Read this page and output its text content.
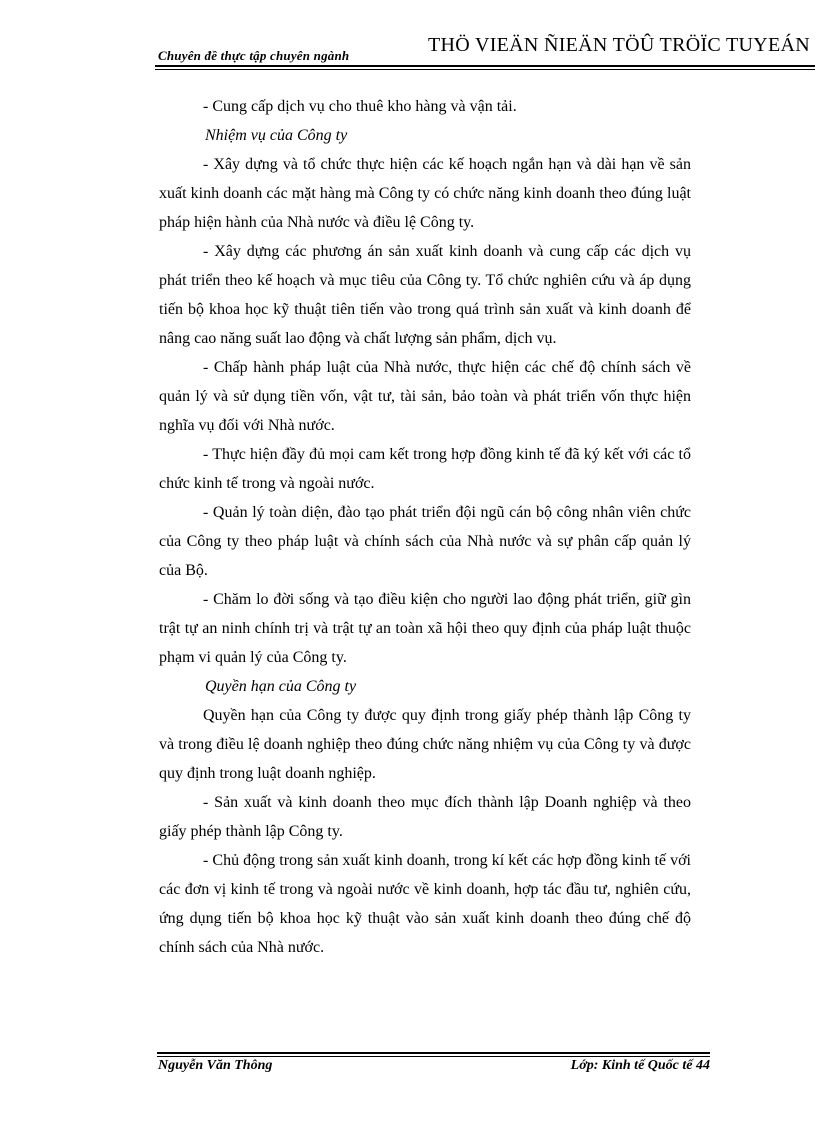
Chuyên đề thực tập chuyên ngành	THÖ VIEÄN ÑIEÄN TÖÛ TRÖÏC TUYEÁN

- Cung cấp dịch vụ cho thuê kho hàng và vận tải.

Nhiệm vụ của Công ty

- Xây dựng và tổ chức thực hiện các kế hoạch ngắn hạn và dài hạn về sản xuất kinh doanh các mặt hàng mà Công ty có chức năng kinh doanh theo đúng luật pháp hiện hành của Nhà nước và điều lệ Công ty.

- Xây dựng các phương án sản xuất kinh doanh và cung cấp các dịch vụ phát triển theo kế hoạch và mục tiêu của Công ty. Tổ chức nghiên cứu và áp dụng tiến bộ khoa học kỹ thuật tiên tiến vào trong quá trình sản xuất và kinh doanh để nâng cao năng suất lao động và chất lượng sản phẩm, dịch vụ.

- Chấp hành pháp luật của Nhà nước, thực hiện các chế độ chính sách về quản lý và sử dụng tiền vốn, vật tư, tài sản, bảo toàn và phát triển vốn thực hiện nghĩa vụ đối với Nhà nước.

- Thực hiện đầy đủ mọi cam kết trong hợp đồng kinh tế đã ký kết với các tổ chức kinh tế trong và ngoài nước.

- Quản lý toàn diện, đào tạo phát triển đội ngũ cán bộ công nhân viên chức của Công ty theo pháp luật và chính sách của Nhà nước và sự phân cấp quản lý của Bộ.

- Chăm lo đời sống và tạo điều kiện cho người lao động phát triển, giữ gìn trật tự an ninh chính trị và trật tự an toàn xã hội theo quy định của pháp luật thuộc phạm vi quản lý của Công ty.

Quyền hạn của Công ty

Quyền hạn của Công ty được quy định trong giấy phép thành lập Công ty và trong điều lệ doanh nghiệp theo đúng chức năng nhiệm vụ của Công ty và được quy định trong luật doanh nghiệp.

- Sản xuất và kinh doanh theo mục đích thành lập Doanh nghiệp và theo giấy phép thành lập Công ty.

- Chủ động trong sản xuất kinh doanh, trong kí kết các hợp đồng kinh tế với các đơn vị kinh tế trong và ngoài nước về kinh doanh, hợp tác đầu tư, nghiên cứu, ứng dụng tiến bộ khoa học kỹ thuật vào sản xuất kinh doanh theo đúng chế độ chính sách của Nhà nước.

Nguyễn Văn Thông	Lớp: Kinh tế Quốc tế 44
